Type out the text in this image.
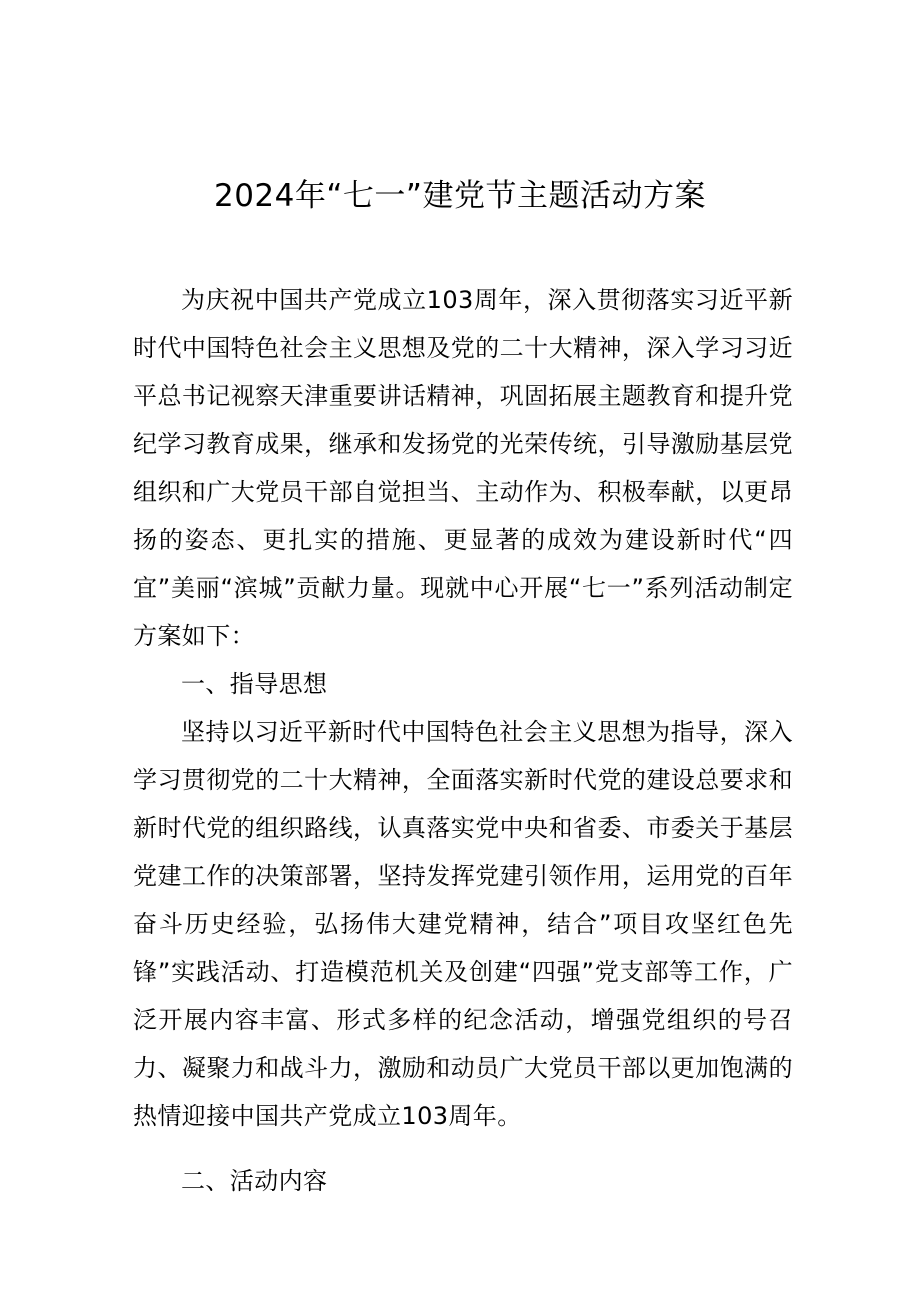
2024年“七一”建党节主题活动方案

为庆祝中国共产党成立103周年，深入贯彻落实习近平新时代中国特色社会主义思想及党的二十大精神，深入学习习近平总书记视察天津重要讲话精神，巩固拓展主题教育和提升党纪学习教育成果，继承和发扬党的光荣传统，引导激励基层党组织和广大党员干部自觉担当、主动作为、积极奉献，以更昂扬的姿态、更扎实的措施、更显著的成效为建设新时代“四宜”美丽“滨城”贡献力量。现就中心开展“七一”系列活动制定方案如下：

一、指导思想

坚持以习近平新时代中国特色社会主义思想为指导，深入学习贯彻党的二十大精神，全面落实新时代党的建设总要求和新时代党的组织路线，认真落实党中央和省委、市委关于基层党建工作的决策部署，坚持发挥党建引领作用，运用党的百年奋斗历史经验，弘扬伟大建党精神，结合”项目攻坚红色先锋”实践活动、打造模范机关及创建“四强”党支部等工作，广泛开展内容丰富、形式多样的纪念活动，增强党组织的号召力、凝聚力和战斗力，激励和动员广大党员干部以更加饱满的热情迎接中国共产党成立103周年。

二、活动内容
